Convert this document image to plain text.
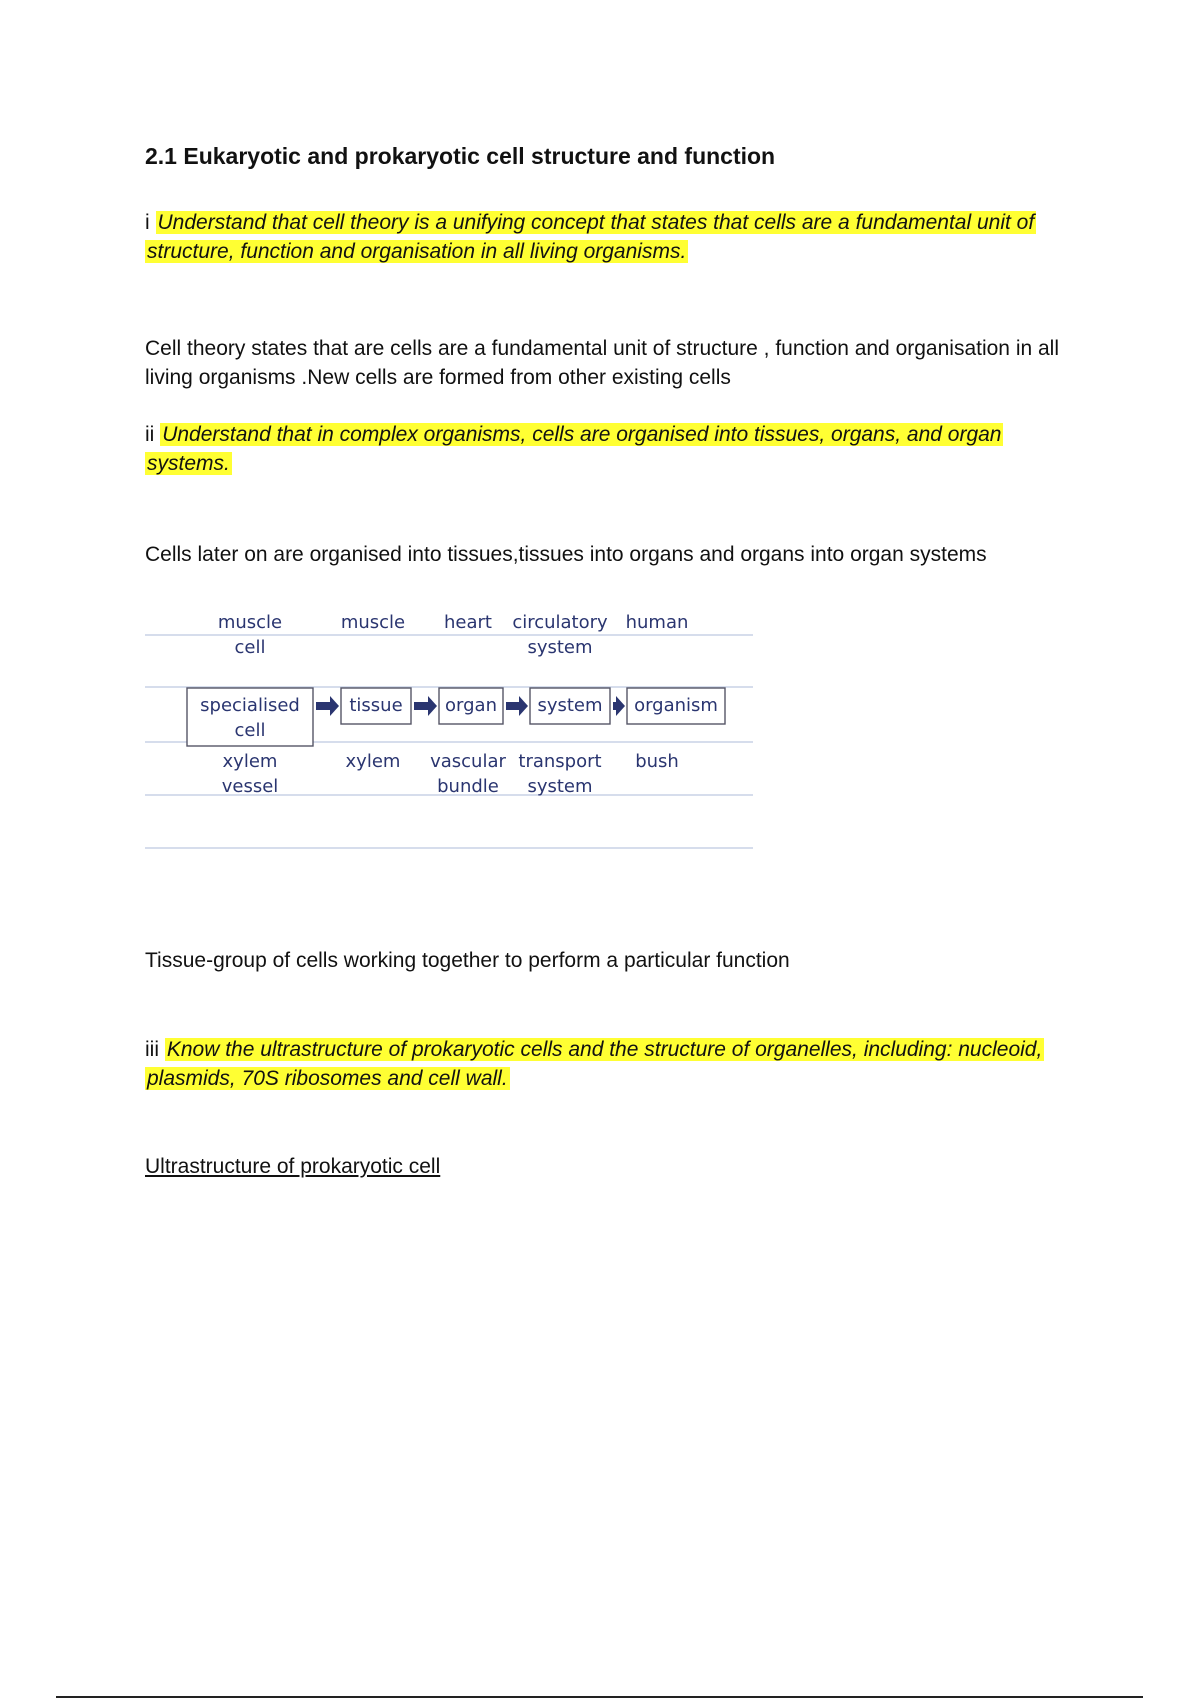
2.1 Eukaryotic and prokaryotic cell structure and function

i Understand that cell theory is a unifying concept that states that cells are a fundamental unit of structure, function and organisation in all living organisms.

Cell theory states that are cells are a fundamental unit of structure , function and organisation in all living organisms .New cells are formed from other existing cells

ii Understand that in complex organisms, cells are organised into tissues, organs, and organ systems.

Cells later on are organised into tissues,tissues into organs and organs into organ systems

muscle
cell
specialised
cell
xylem
vessel
muscle
tissue
xylem
heart
organ
vascular
bundle
circulatory
system
system
transport
system
human
organism
bush

Tissue-group of cells working together to perform a particular function

iii Know the ultrastructure of prokaryotic cells and the structure of organelles, including: nucleoid, plasmids, 70S ribosomes and cell wall.

Ultrastructure of prokaryotic cell
